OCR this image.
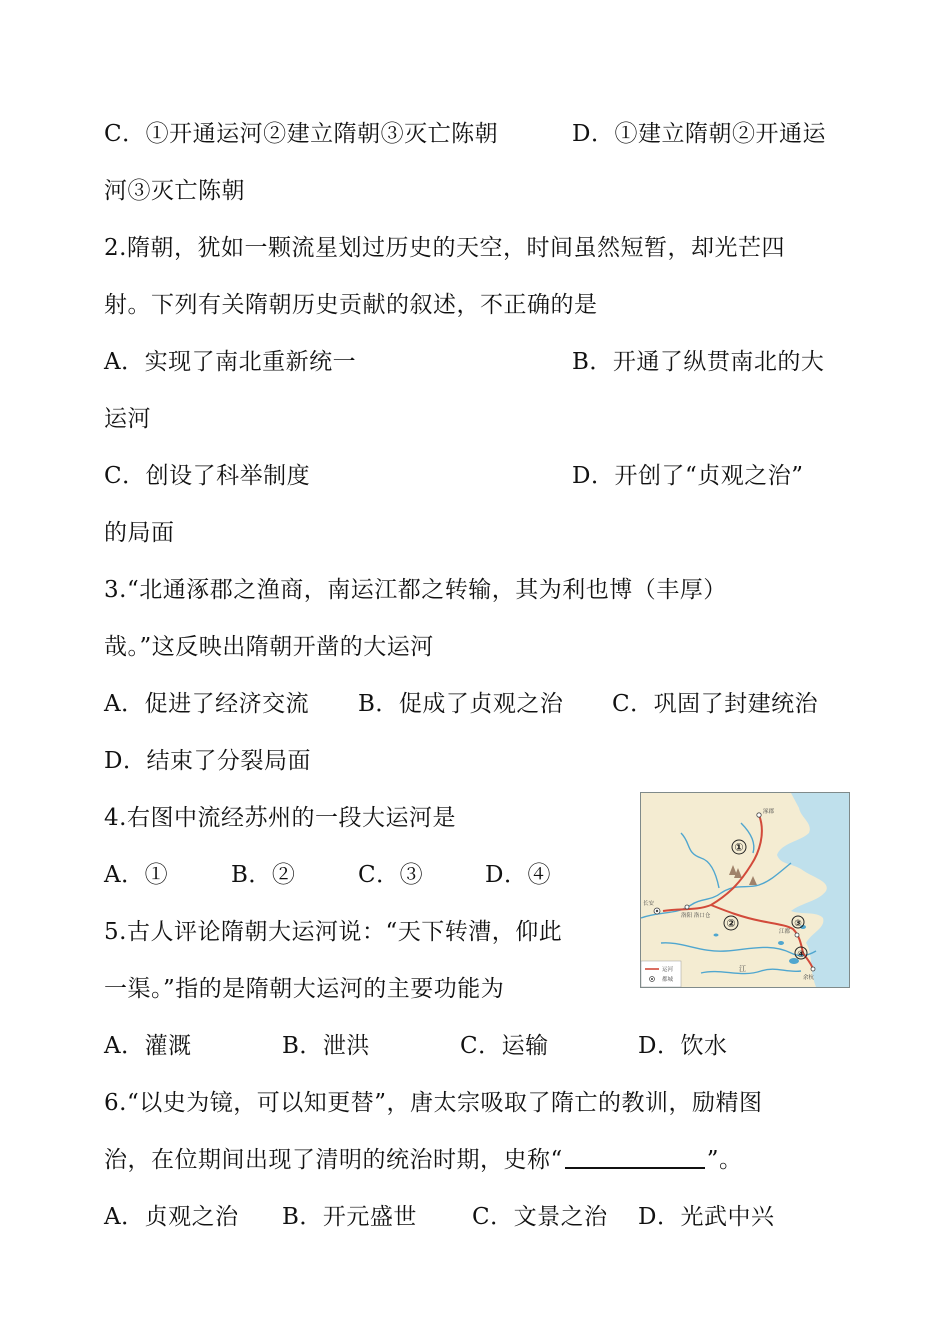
C．①开通运河②建立隋朝③灭亡陈朝	D．①建立隋朝②开通运
河③灭亡陈朝
2.隋朝，犹如一颗流星划过历史的天空，时间虽然短暂，却光芒四
射。下列有关隋朝历史贡献的叙述，不正确的是
A．实现了南北重新统一	B．开通了纵贯南北的大
运河
C．创设了科举制度	D．开创了“贞观之治”
的局面
3.“北通涿郡之渔商，南运江都之转输，其为利也博（丰厚）
哉。”这反映出隋朝开凿的大运河
A．促进了经济交流 B．促成了贞观之治 C．巩固了封建统治
D．结束了分裂局面
4.右图中流经苏州的一段大运河是
A．①	B．②	C．③	D．④
5.古人评论隋朝大运河说：“天下转漕，仰此
一渠。”指的是隋朝大运河的主要功能为
A．灌溉	B．泄洪	C．运输	D．饮水
6.“以史为镜，可以知更替”，唐太宗吸取了隋亡的教训，励精图
A．贞观之治 B．开元盛世 C．文景之治 D．光武中兴
治，在位期间出现了清明的统治时期，史称“	”。
涿郡
长安
洛阳 洛口仓
江都
余杭
江
①
②	③
④
运河
都城
